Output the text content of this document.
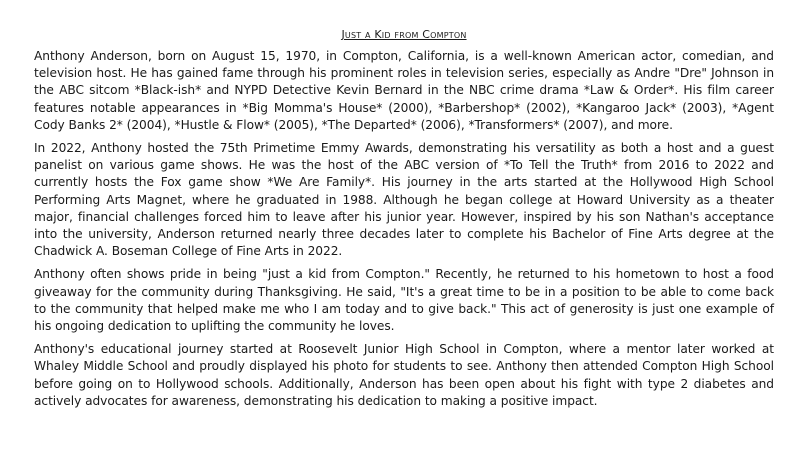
Just a Kid from Compton

Anthony Anderson, born on August 15, 1970, in Compton, California, is a well-known American actor, comedian, and television host. He has gained fame through his prominent roles in television series, especially as Andre "Dre" Johnson in the ABC sitcom *Black-ish* and NYPD Detective Kevin Bernard in the NBC crime drama *Law & Order*. His film career features notable appearances in *Big Momma's House* (2000), *Barbershop* (2002), *Kangaroo Jack* (2003), *Agent Cody Banks 2* (2004), *Hustle & Flow* (2005), *The Departed* (2006), *Transformers* (2007), and more.

In 2022, Anthony hosted the 75th Primetime Emmy Awards, demonstrating his versatility as both a host and a guest panelist on various game shows. He was the host of the ABC version of *To Tell the Truth* from 2016 to 2022 and currently hosts the Fox game show *We Are Family*. His journey in the arts started at the Hollywood High School Performing Arts Magnet, where he graduated in 1988. Although he began college at Howard University as a theater major, financial challenges forced him to leave after his junior year. However, inspired by his son Nathan's acceptance into the university, Anderson returned nearly three decades later to complete his Bachelor of Fine Arts degree at the Chadwick A. Boseman College of Fine Arts in 2022.

Anthony often shows pride in being "just a kid from Compton." Recently, he returned to his hometown to host a food giveaway for the community during Thanksgiving. He said, "It's a great time to be in a position to be able to come back to the community that helped make me who I am today and to give back." This act of generosity is just one example of his ongoing dedication to uplifting the community he loves.

Anthony's educational journey started at Roosevelt Junior High School in Compton, where a mentor later worked at Whaley Middle School and proudly displayed his photo for students to see. Anthony then attended Compton High School before going on to Hollywood schools. Additionally, Anderson has been open about his fight with type 2 diabetes and actively advocates for awareness, demonstrating his dedication to making a positive impact.
